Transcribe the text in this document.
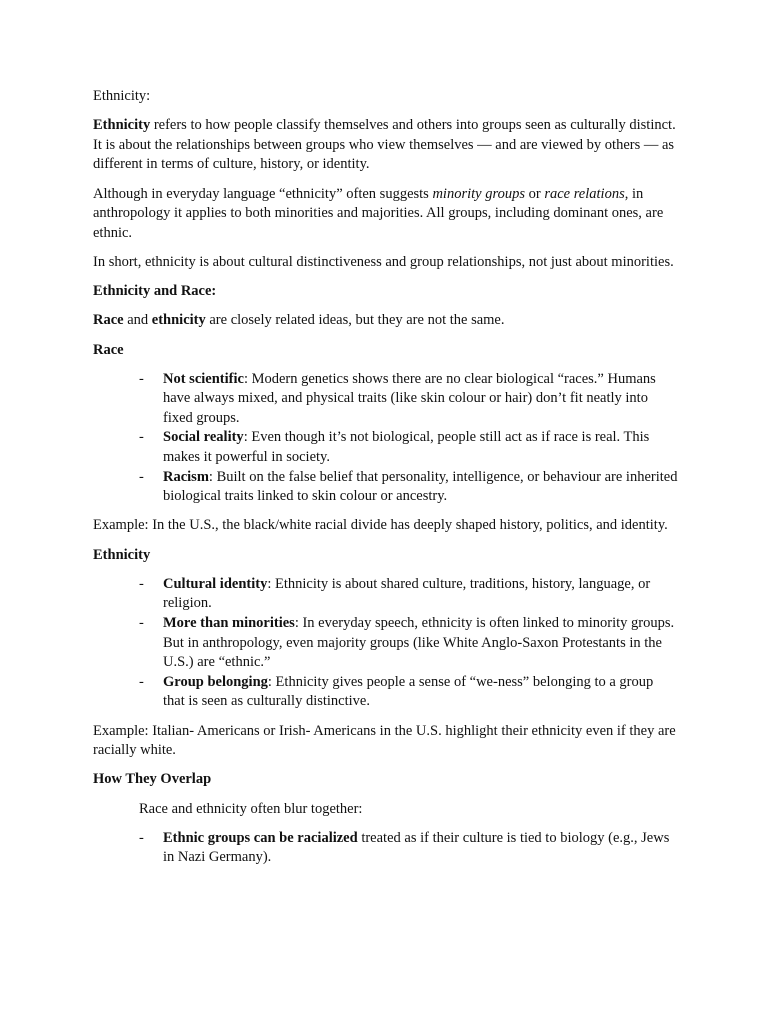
Ethnicity:

Ethnicity refers to how people classify themselves and others into groups seen as culturally distinct. It is about the relationships between groups who view themselves — and are viewed by others — as different in terms of culture, history, or identity.

Although in everyday language “ethnicity” often suggests minority groups or race relations, in anthropology it applies to both minorities and majorities. All groups, including dominant ones, are ethnic.

In short, ethnicity is about cultural distinctiveness and group relationships, not just about minorities.

Ethnicity and Race:

Race and ethnicity are closely related ideas, but they are not the same.

Race

- Not scientific: Modern genetics shows there are no clear biological “races.” Humans have always mixed, and physical traits (like skin colour or hair) don’t fit neatly into fixed groups.
- Social reality: Even though it’s not biological, people still act as if race is real. This makes it powerful in society.
- Racism: Built on the false belief that personality, intelligence, or behaviour are inherited biological traits linked to skin colour or ancestry.

Example: In the U.S., the black/white racial divide has deeply shaped history, politics, and identity.

Ethnicity

- Cultural identity: Ethnicity is about shared culture, traditions, history, language, or religion.
- More than minorities: In everyday speech, ethnicity is often linked to minority groups. But in anthropology, even majority groups (like White Anglo-Saxon Protestants in the U.S.) are “ethnic.”
- Group belonging: Ethnicity gives people a sense of “we-ness” belonging to a group that is seen as culturally distinctive.

Example: Italian- Americans or Irish- Americans in the U.S. highlight their ethnicity even if they are racially white.

How They Overlap

Race and ethnicity often blur together:

- Ethnic groups can be racialized treated as if their culture is tied to biology (e.g., Jews in Nazi Germany).
